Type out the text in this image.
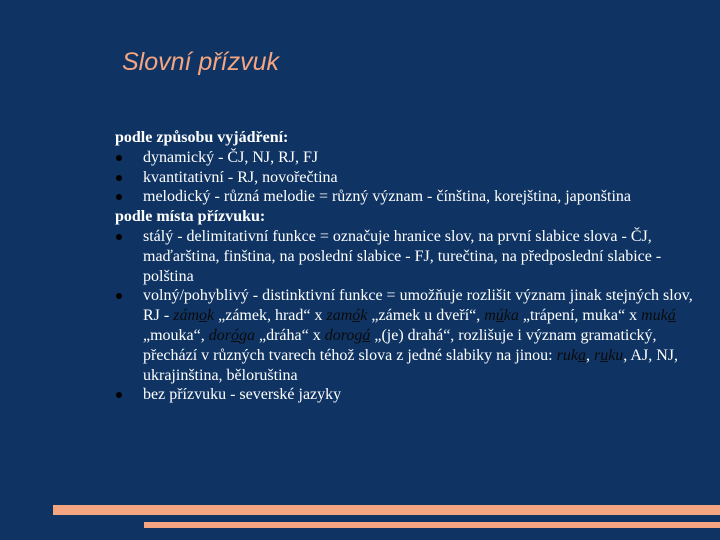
Slovní přízvuk
podle způsobu vyjádření:
dynamický - ČJ, NJ, RJ, FJ
kvantitativní - RJ, novořečtina
melodický - různá melodie = různý význam - čínština, korejština, japonština
podle místa přízvuku:
stálý - delimitativní funkce = označuje hranice slov, na první slabice slova - ČJ, maďarština, finština, na poslední slabice - FJ, turečtina, na předposlední slabice - polština
volný/pohyblivý - distinktivní funkce = umožňuje rozlišit význam jinak stejných slov, RJ - zámok „zámek, hrad“ x zamók „zámek u dveří“, múka „trápení, muka“ x muká „mouka“, doróga „dráha“ x dorogá „(je) drahá“, rozlišuje i význam gramatický, přechází v různých tvarech téhož slova z jedné slabiky na jinou: ruka, ruku, AJ, NJ, ukrajinština, běloruština
bez přízvuku - severské jazyky
